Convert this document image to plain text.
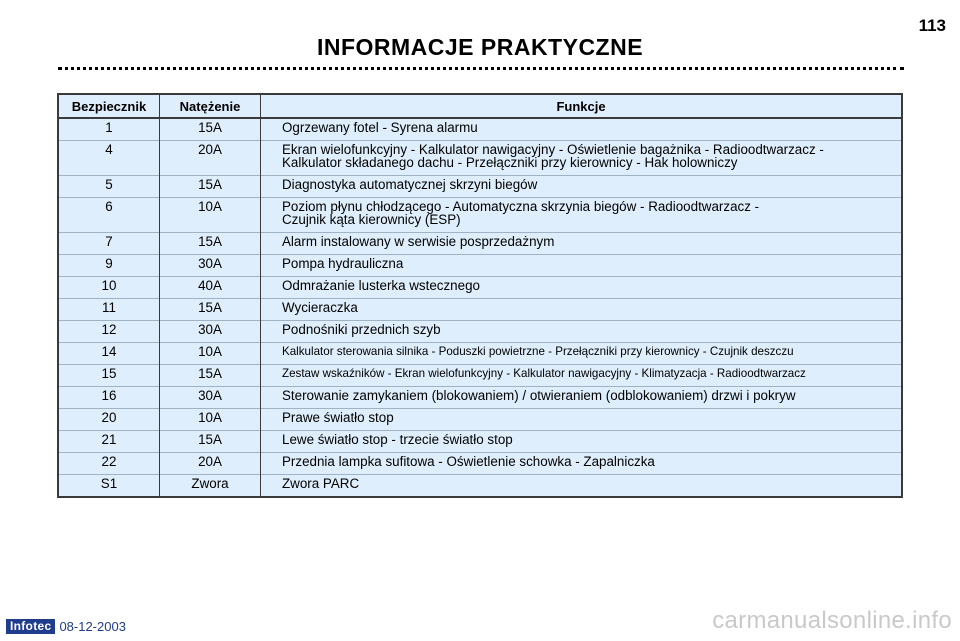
113
INFORMACJE PRAKTYCZNE
Bezpiecznik	Natężenie	Funkcje
1	15A	Ogrzewany fotel - Syrena alarmu
4	20A	Ekran wielofunkcyjny - Kalkulator nawigacyjny - Oświetlenie bagażnika - Radioodtwarzacz -
Kalkulator składanego dachu - Przełączniki przy kierownicy - Hak holowniczy
5	15A	Diagnostyka automatycznej skrzyni biegów
6	10A	Poziom płynu chłodzącego - Automatyczna skrzynia biegów - Radioodtwarzacz -
Czujnik kąta kierownicy (ESP)
7	15A	Alarm instalowany w serwisie posprzedażnym
9	30A	Pompa hydrauliczna
10	40A	Odmrażanie lusterka wstecznego
11	15A	Wycieraczka
12	30A	Podnośniki przednich szyb
14	10A	Kalkulator sterowania silnika - Poduszki powietrzne - Przełączniki przy kierownicy - Czujnik deszczu
15	15A	Zestaw wskaźników - Ekran wielofunkcyjny - Kalkulator nawigacyjny - Klimatyzacja - Radioodtwarzacz
16	30A	Sterowanie zamykaniem (blokowaniem) / otwieraniem (odblokowaniem) drzwi i pokryw
20	10A	Prawe światło stop
21	15A	Lewe światło stop - trzecie światło stop
22	20A	Przednia lampka sufitowa - Oświetlenie schowka - Zapalniczka
S1	Zwora	Zwora PARC
Infotec 08-12-2003	carmanualsonline.info
